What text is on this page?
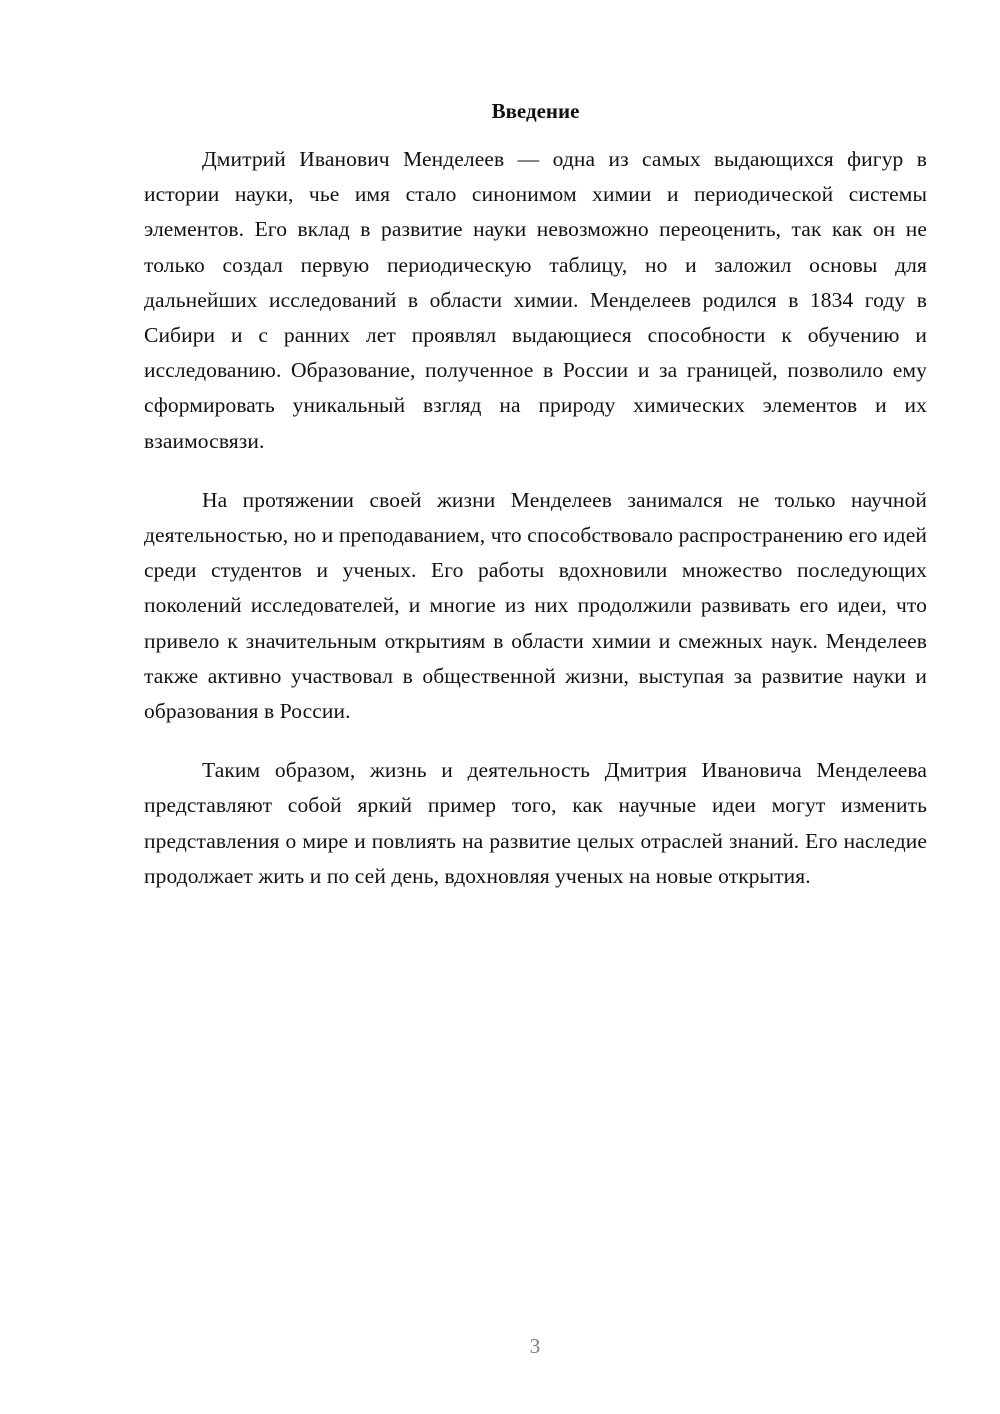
Введение

Дмитрий Иванович Менделеев — одна из самых выдающихся фигур в истории науки, чье имя стало синонимом химии и периодической системы элементов. Его вклад в развитие науки невозможно переоценить, так как он не только создал первую периодическую таблицу, но и заложил основы для дальнейших исследований в области химии. Менделеев родился в 1834 году в Сибири и с ранних лет проявлял выдающиеся способности к обучению и исследованию. Образование, полученное в России и за границей, позволило ему сформировать уникальный взгляд на природу химических элементов и их взаимосвязи.

На протяжении своей жизни Менделеев занимался не только научной деятельностью, но и преподаванием, что способствовало распространению его идей среди студентов и ученых. Его работы вдохновили множество последующих поколений исследователей, и многие из них продолжили развивать его идеи, что привело к значительным открытиям в области химии и смежных наук. Менделеев также активно участвовал в общественной жизни, выступая за развитие науки и образования в России.

Таким образом, жизнь и деятельность Дмитрия Ивановича Менделеева представляют собой яркий пример того, как научные идеи могут изменить представления о мире и повлиять на развитие целых отраслей знаний. Его наследие продолжает жить и по сей день, вдохновляя ученых на новые открытия.

3
